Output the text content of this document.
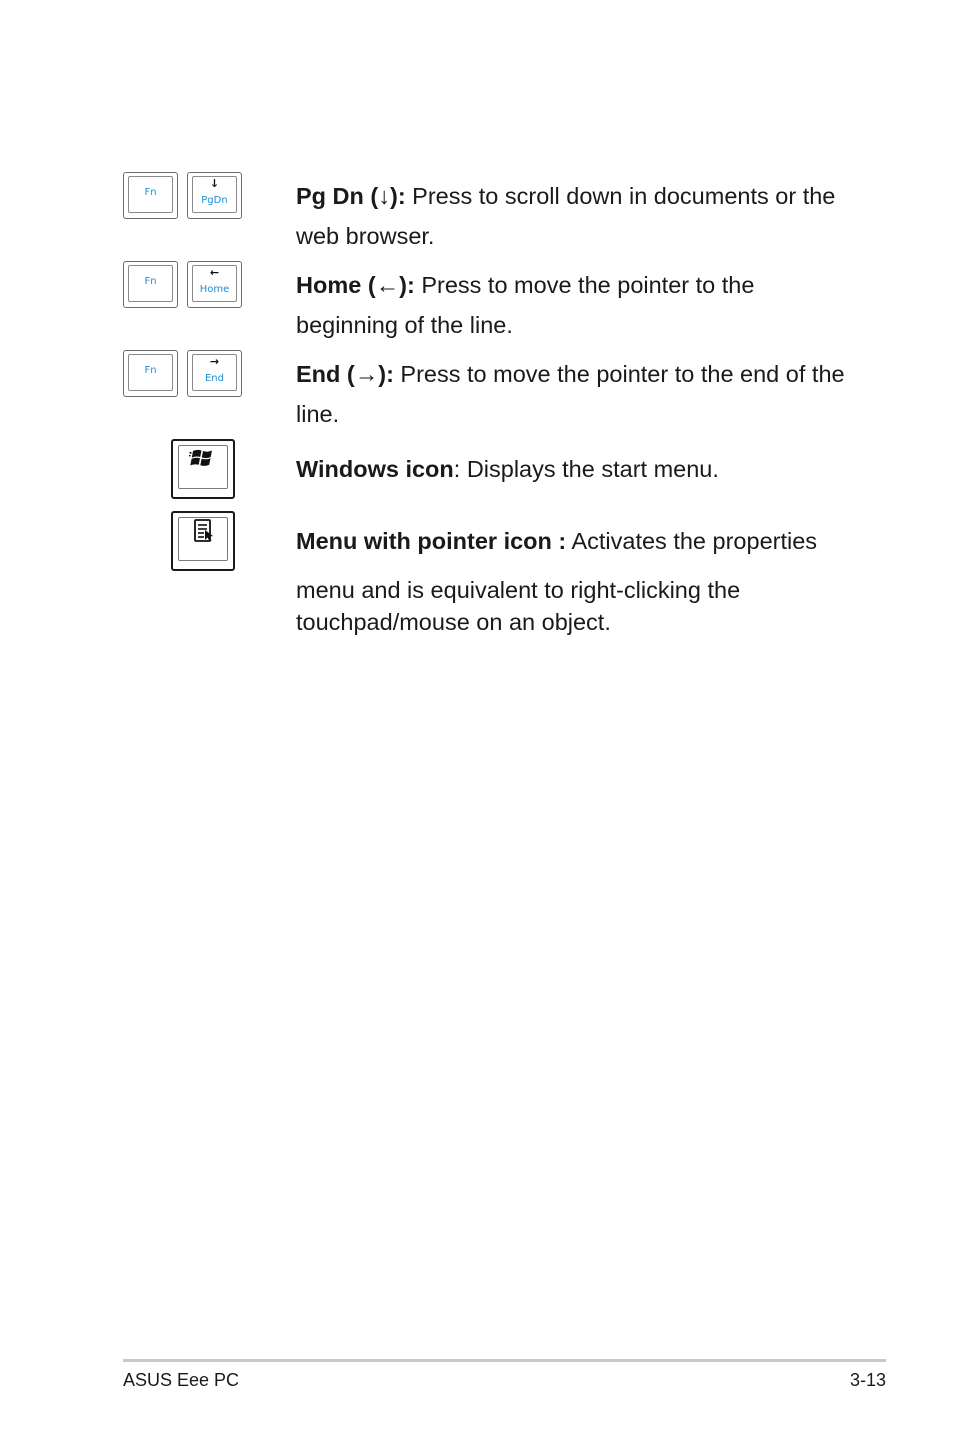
Fn
↓
PgDn	Pg Dn (↓): Press to scroll down in documents or the web browser.
Fn
←
Home	Home (←): Press to move the pointer to the beginning of the line.
Fn
→
End	End (→): Press to move the pointer to the end of the line.
Windows icon: Displays the start menu.
Menu with pointer icon : Activates the properties
menu and is equivalent to right-clicking the touchpad/mouse on an object.
ASUS Eee PC	3-13
